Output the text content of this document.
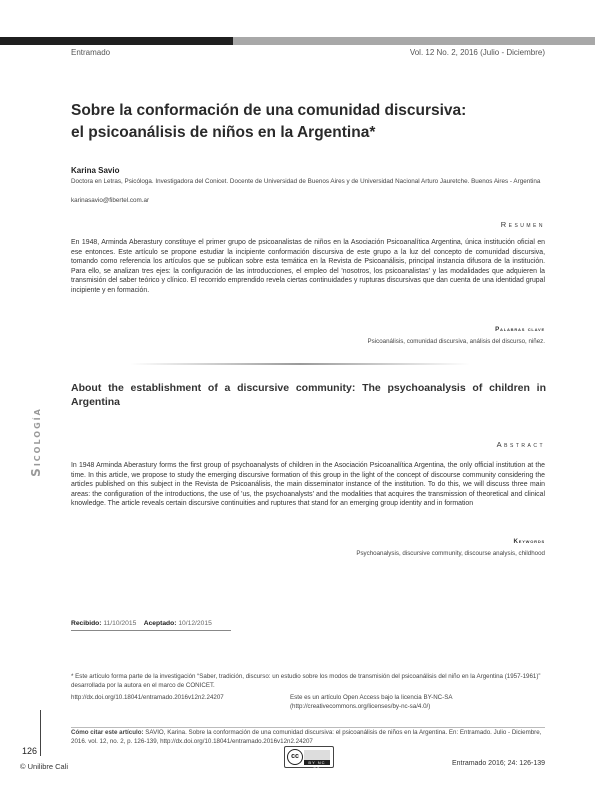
Entramado	Vol. 12 No. 2, 2016 (Julio - Diciembre)
Sobre la conformación de una comunidad discursiva:
el psicoanálisis de niños en la Argentina*
Karina Savio
Doctora en Letras, Psicóloga. Investigadora del Conicet. Docente de Universidad de Buenos Aires y de Universidad Nacional Arturo Jauretche. Buenos Aires - Argentina
karinasavio@fibertel.com.ar
Resumen
En 1948, Arminda Aberastury constituye el primer grupo de psicoanalistas de niños en la Asociación Psicoanalítica Argentina, única institución oficial en ese entonces. Este artículo se propone estudiar la incipiente conformación discursiva de este grupo a la luz del concepto de comunidad discursiva, tomando como referencia los artículos que se publican sobre esta temática en la Revista de Psicoanálisis, principal instancia difusora de la institución. Para ello, se analizan tres ejes: la configuración de las introducciones, el empleo del 'nosotros, los psicoanalistas' y las modalidades que adquieren la transmisión del saber teórico y clínico. El recorrido emprendido revela ciertas continuidades y rupturas discursivas que dan cuenta de una identidad grupal incipiente y en formación.
Palabras clave
Psicoanálisis, comunidad discursiva, análisis del discurso, niñez.
About the establishment of a discursive community: The psychoanalysis of children in Argentina
Sicología	Abstract
In 1948 Arminda Aberastury forms the first group of psychoanalysts of children in the Asociación Psicoanalítica Argentina, the only official institution at the time. In this article, we propose to study the emerging discursive formation of this group in the light of the concept of discourse community considering the articles published on this subject in the Revista de Psicoanálisis, the main disseminator instance of the institution. To do this, we will discuss three main areas: the configuration of the introductions, the use of 'us, the psychoanalysts' and the modalities that acquires the transmission of theoretical and clinical knowledge. The article reveals certain discursive continuities and ruptures that stand for an emerging group identity and in formation
Keywords
Psychoanalysis, discursive community, discourse analysis, childhood
Recibido: 11/10/2015 Aceptado: 10/12/2015
* Este artículo forma parte de la investigación “Saber, tradición, discurso: un estudio sobre los modos de transmisión del psicoanálisis del niño en la Argentina (1957-1961)” desarrollada por la autora en el marco de CONICET.
http://dx.doi.org/10.18041/entramado.2016v12n2.24207	Este es un artículo Open Access bajo la licencia BY-NC-SA (http://creativecommons.org/licenses/by-nc-sa/4.0/)
Cómo citar este artículo: SAVIO, Karina. Sobre la conformación de una comunidad discursiva: el psicoanálisis de niños en la Argentina. En: Entramado. Julio - Diciembre, 2016. vol. 12, no. 2, p. 126-139, http://dx.doi.org/10.18041/entramado.2016v12n2.24207
126
© Unilibre Cali
cc
BY NC SA
Entramado 2016; 24: 126-139
